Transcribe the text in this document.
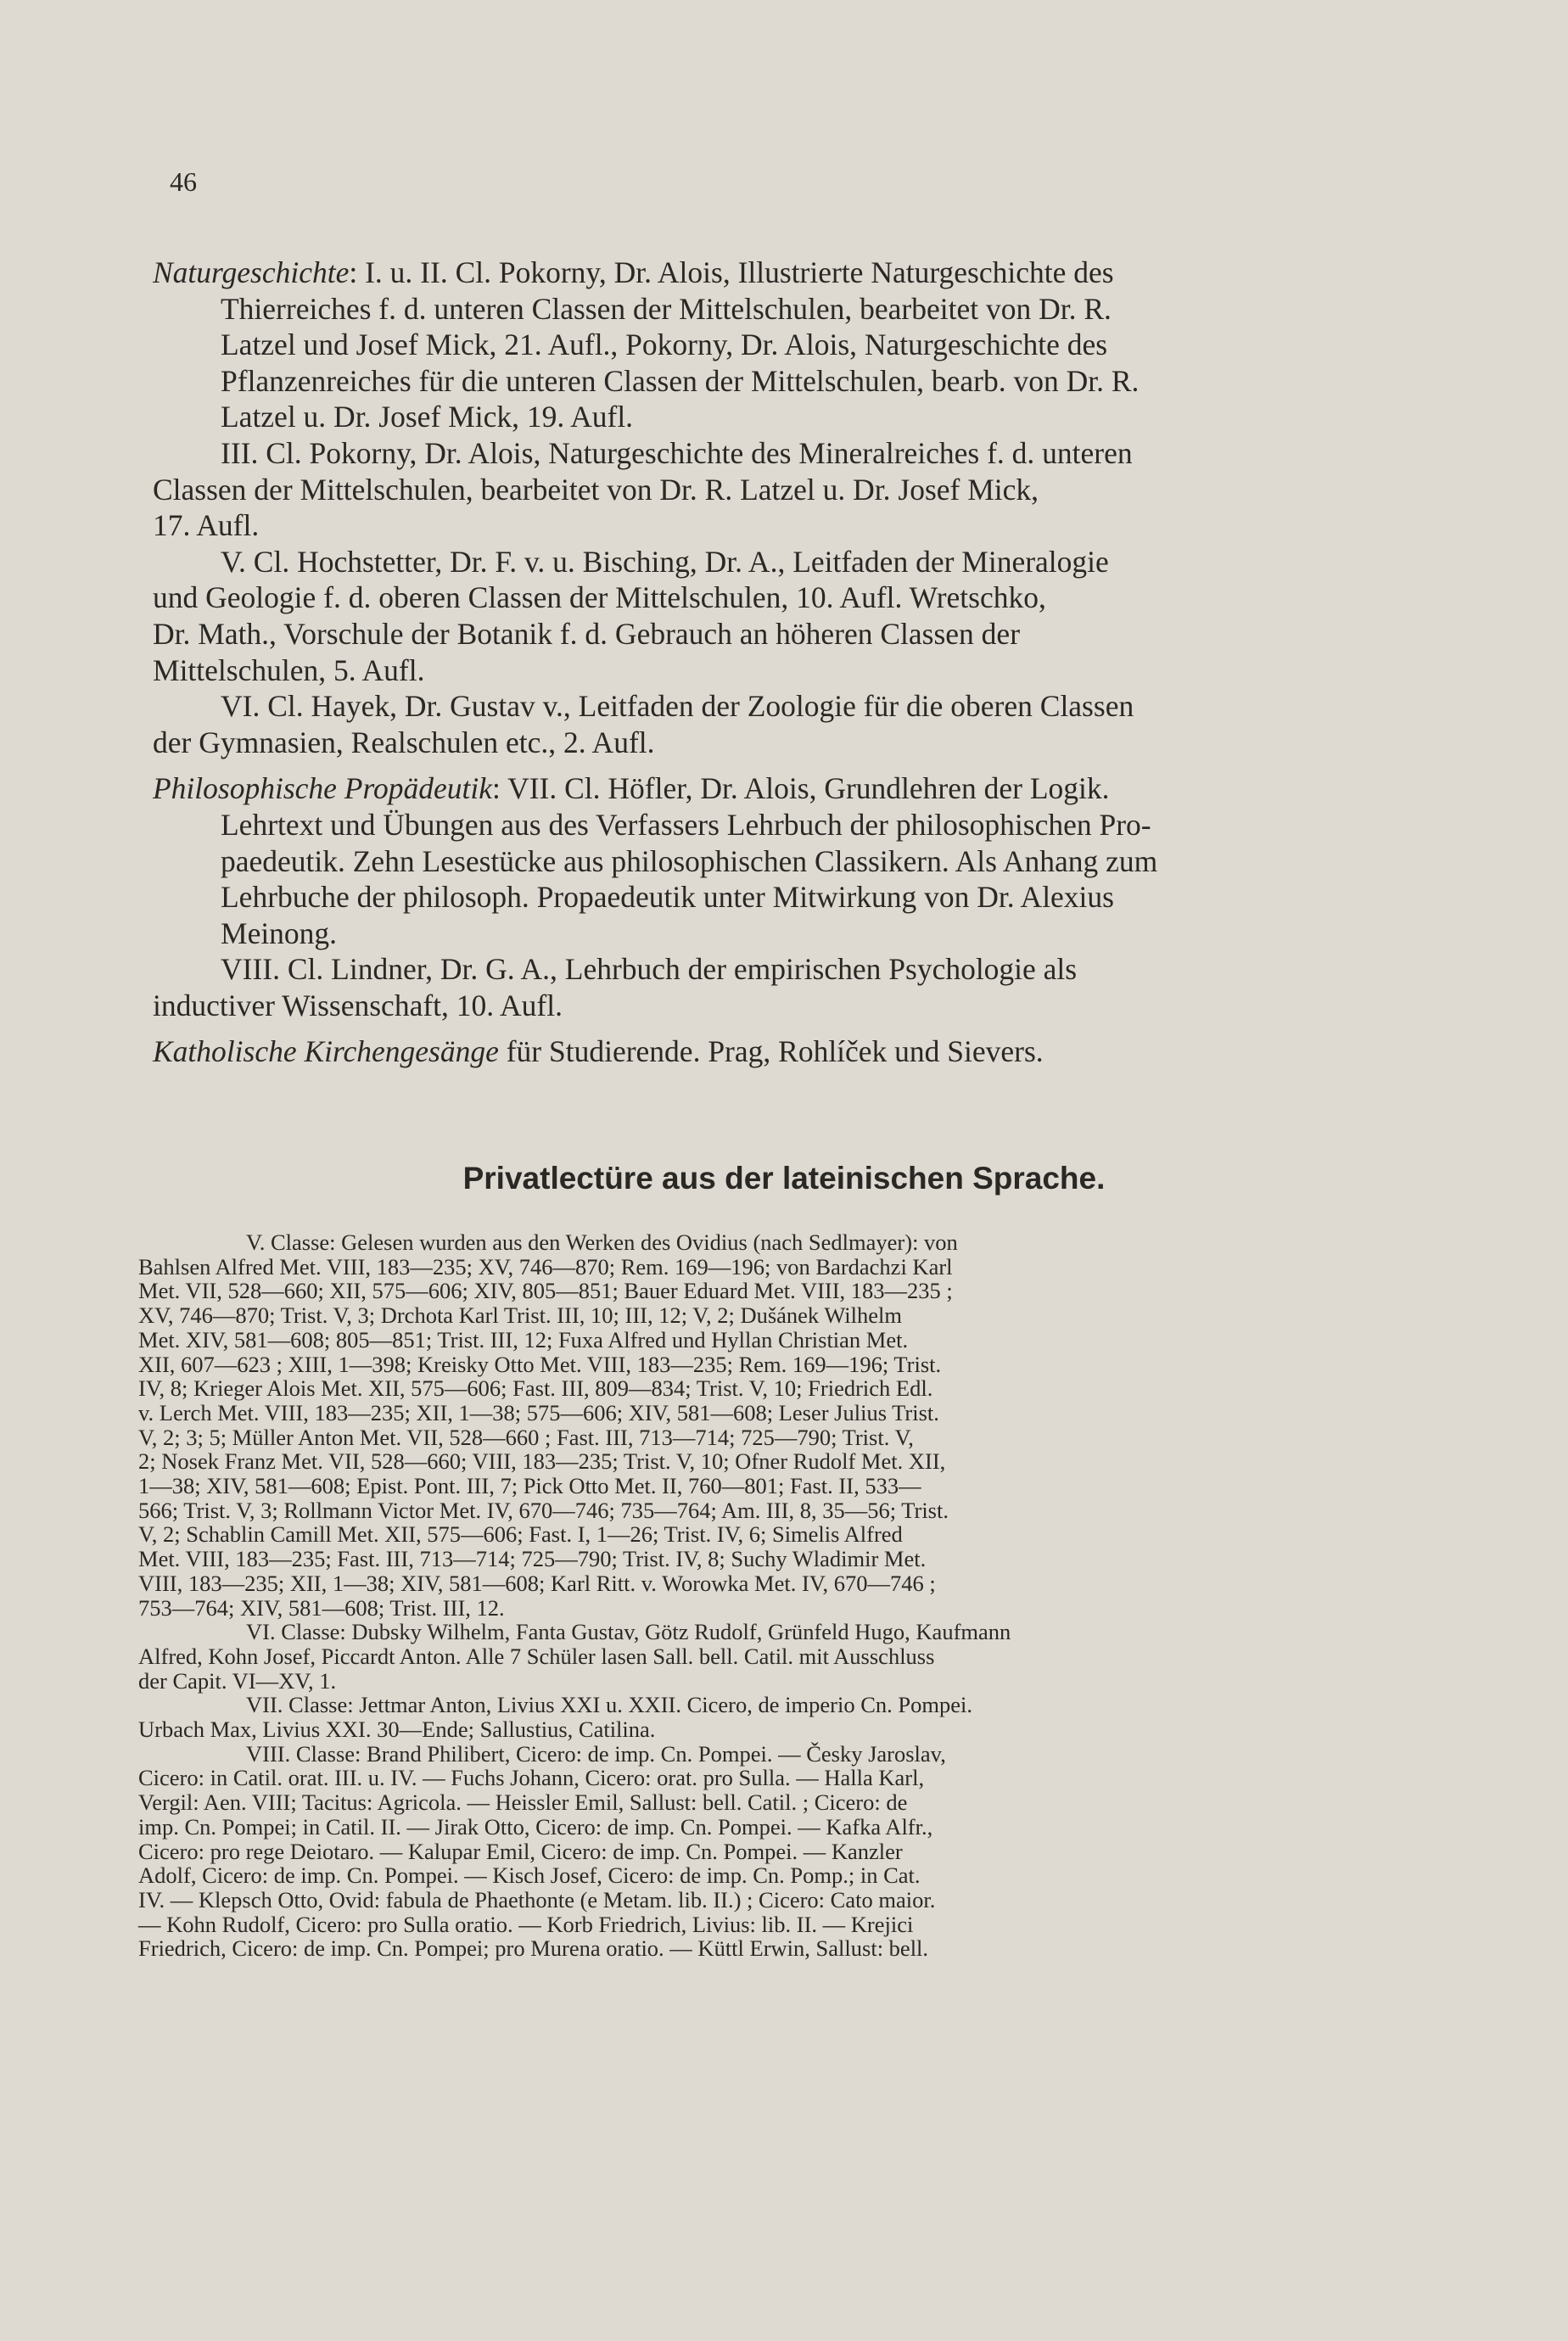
46
Naturgeschichte: I. u. II. Cl. Pokorny, Dr. Alois, Illustrierte Naturgeschichte des
Thierreiches f. d. unteren Classen der Mittelschulen, bearbeitet von Dr. R.
Latzel und Josef Mick, 21. Aufl., Pokorny, Dr. Alois, Naturgeschichte des
Pflanzenreiches für die unteren Classen der Mittelschulen, bearb. von Dr. R.
Latzel u. Dr. Josef Mick, 19. Aufl.
III. Cl. Pokorny, Dr. Alois, Naturgeschichte des Mineralreiches f. d. unteren
Classen der Mittelschulen, bearbeitet von Dr. R. Latzel u. Dr. Josef Mick,
17. Aufl.
V. Cl. Hochstetter, Dr. F. v. u. Bisching, Dr. A., Leitfaden der Mineralogie
und Geologie f. d. oberen Classen der Mittelschulen, 10. Aufl. Wretschko,
Dr. Math., Vorschule der Botanik f. d. Gebrauch an höheren Classen der
Mittelschulen, 5. Aufl.
VI. Cl. Hayek, Dr. Gustav v., Leitfaden der Zoologie für die oberen Classen
der Gymnasien, Realschulen etc., 2. Aufl.
Philosophische Propädeutik: VII. Cl. Höfler, Dr. Alois, Grundlehren der Logik.
Lehrtext und Übungen aus des Verfassers Lehrbuch der philosophischen Pro-
paedeutik. Zehn Lesestücke aus philosophischen Classikern. Als Anhang zum
Lehrbuche der philosoph. Propaedeutik unter Mitwirkung von Dr. Alexius
Meinong.
VIII. Cl. Lindner, Dr. G. A., Lehrbuch der empirischen Psychologie als
inductiver Wissenschaft, 10. Aufl.
Katholische Kirchengesänge für Studierende. Prag, Rohlíček und Sievers.
Privatlectüre aus der lateinischen Sprache.
V. Classe: Gelesen wurden aus den Werken des Ovidius (nach Sedlmayer): von
Bahlsen Alfred Met. VIII, 183—235; XV, 746—870; Rem. 169—196; von Bardachzi Karl
Met. VII, 528—660; XII, 575—606; XIV, 805—851; Bauer Eduard Met. VIII, 183—235 ;
XV, 746—870; Trist. V, 3; Drchota Karl Trist. III, 10; III, 12; V, 2; Dušánek Wilhelm
Met. XIV, 581—608; 805—851; Trist. III, 12; Fuxa Alfred und Hyllan Christian Met.
XII, 607—623 ; XIII, 1—398; Kreisky Otto Met. VIII, 183—235; Rem. 169—196; Trist.
IV, 8; Krieger Alois Met. XII, 575—606; Fast. III, 809—834; Trist. V, 10; Friedrich Edl.
v. Lerch Met. VIII, 183—235; XII, 1—38; 575—606; XIV, 581—608; Leser Julius Trist.
V, 2; 3; 5; Müller Anton Met. VII, 528—660 ; Fast. III, 713—714; 725—790; Trist. V,
2; Nosek Franz Met. VII, 528—660; VIII, 183—235; Trist. V, 10; Ofner Rudolf Met. XII,
1—38; XIV, 581—608; Epist. Pont. III, 7; Pick Otto Met. II, 760—801; Fast. II, 533—
566; Trist. V, 3; Rollmann Victor Met. IV, 670—746; 735—764; Am. III, 8, 35—56; Trist.
V, 2; Schablin Camill Met. XII, 575—606; Fast. I, 1—26; Trist. IV, 6; Simelis Alfred
Met. VIII, 183—235; Fast. III, 713—714; 725—790; Trist. IV, 8; Suchy Wladimir Met.
VIII, 183—235; XII, 1—38; XIV, 581—608; Karl Ritt. v. Worowka Met. IV, 670—746 ;
753—764; XIV, 581—608; Trist. III, 12.
VI. Classe: Dubsky Wilhelm, Fanta Gustav, Götz Rudolf, Grünfeld Hugo, Kaufmann
Alfred, Kohn Josef, Piccardt Anton. Alle 7 Schüler lasen Sall. bell. Catil. mit Ausschluss
der Capit. VI—XV, 1.
VII. Classe: Jettmar Anton, Livius XXI u. XXII. Cicero, de imperio Cn. Pompei.
Urbach Max, Livius XXI. 30—Ende; Sallustius, Catilina.
VIII. Classe: Brand Philibert, Cicero: de imp. Cn. Pompei. — Česky Jaroslav,
Cicero: in Catil. orat. III. u. IV. — Fuchs Johann, Cicero: orat. pro Sulla. — Halla Karl,
Vergil: Aen. VIII; Tacitus: Agricola. — Heissler Emil, Sallust: bell. Catil. ; Cicero: de
imp. Cn. Pompei; in Catil. II. — Jirak Otto, Cicero: de imp. Cn. Pompei. — Kafka Alfr.,
Cicero: pro rege Deiotaro. — Kalupar Emil, Cicero: de imp. Cn. Pompei. — Kanzler
Adolf, Cicero: de imp. Cn. Pompei. — Kisch Josef, Cicero: de imp. Cn. Pomp.; in Cat.
IV. — Klepsch Otto, Ovid: fabula de Phaethonte (e Metam. lib. II.) ; Cicero: Cato maior.
— Kohn Rudolf, Cicero: pro Sulla oratio. — Korb Friedrich, Livius: lib. II. — Krejici
Friedrich, Cicero: de imp. Cn. Pompei; pro Murena oratio. — Küttl Erwin, Sallust: bell.
